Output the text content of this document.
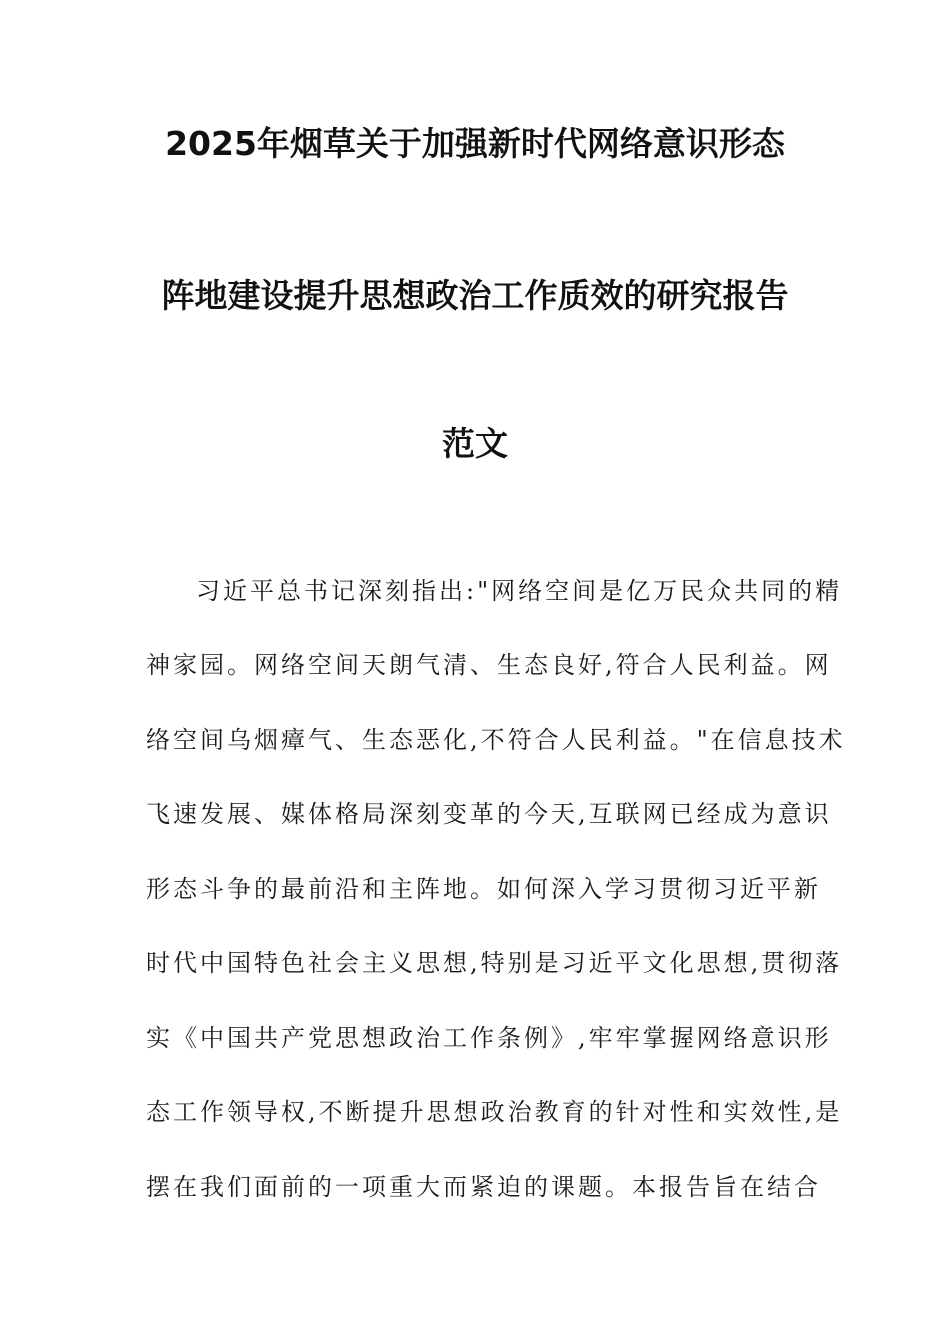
2025年烟草关于加强新时代网络意识形态
阵地建设提升思想政治工作质效的研究报告
范文
习近平总书记深刻指出:"网络空间是亿万民众共同的精
神家园。网络空间天朗气清、生态良好,符合人民利益。网
络空间乌烟瘴气、生态恶化,不符合人民利益。"在信息技术
飞速发展、媒体格局深刻变革的今天,互联网已经成为意识
形态斗争的最前沿和主阵地。如何深入学习贯彻习近平新
时代中国特色社会主义思想,特别是习近平文化思想,贯彻落
实《中国共产党思想政治工作条例》,牢牢掌握网络意识形
态工作领导权,不断提升思想政治教育的针对性和实效性,是
摆在我们面前的一项重大而紧迫的课题。本报告旨在结合
